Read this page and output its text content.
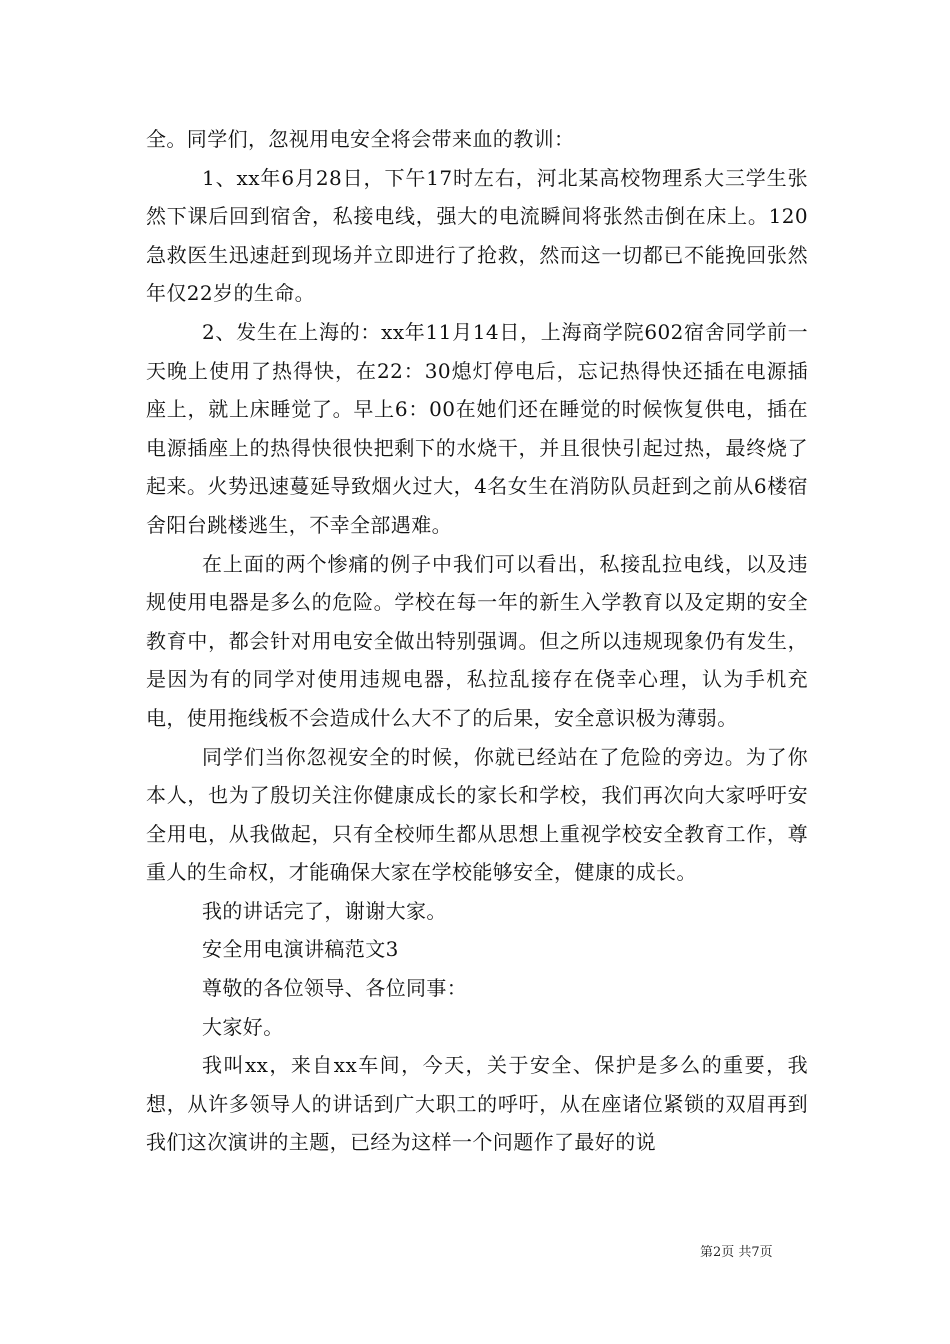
全。同学们，忽视用电安全将会带来血的教训：

1、xx年6月28日，下午17时左右，河北某高校物理系大三学生张然下课后回到宿舍，私接电线，强大的电流瞬间将张然击倒在床上。120急救医生迅速赶到现场并立即进行了抢救，然而这一切都已不能挽回张然年仅22岁的生命。

2、发生在上海的：xx年11月14日，上海商学院602宿舍同学前一天晚上使用了热得快，在22：30熄灯停电后，忘记热得快还插在电源插座上，就上床睡觉了。早上6：00在她们还在睡觉的时候恢复供电，插在电源插座上的热得快很快把剩下的水烧干，并且很快引起过热，最终烧了起来。火势迅速蔓延导致烟火过大，4名女生在消防队员赶到之前从6楼宿舍阳台跳楼逃生，不幸全部遇难。

在上面的两个惨痛的例子中我们可以看出，私接乱拉电线，以及违规使用电器是多么的危险。学校在每一年的新生入学教育以及定期的安全教育中，都会针对用电安全做出特别强调。但之所以违规现象仍有发生，是因为有的同学对使用违规电器，私拉乱接存在侥幸心理，认为手机充电，使用拖线板不会造成什么大不了的后果，安全意识极为薄弱。

同学们当你忽视安全的时候，你就已经站在了危险的旁边。为了你本人，也为了殷切关注你健康成长的家长和学校，我们再次向大家呼吁安全用电，从我做起，只有全校师生都从思想上重视学校安全教育工作，尊重人的生命权，才能确保大家在学校能够安全，健康的成长。

我的讲话完了，谢谢大家。

安全用电演讲稿范文3

尊敬的各位领导、各位同事：

大家好。

我叫xx，来自xx车间，今天，关于安全、保护是多么的重要，我想，从许多领导人的讲话到广大职工的呼吁，从在座诸位紧锁的双眉再到我们这次演讲的主题，已经为这样一个问题作了最好的说

第2页 共7页
